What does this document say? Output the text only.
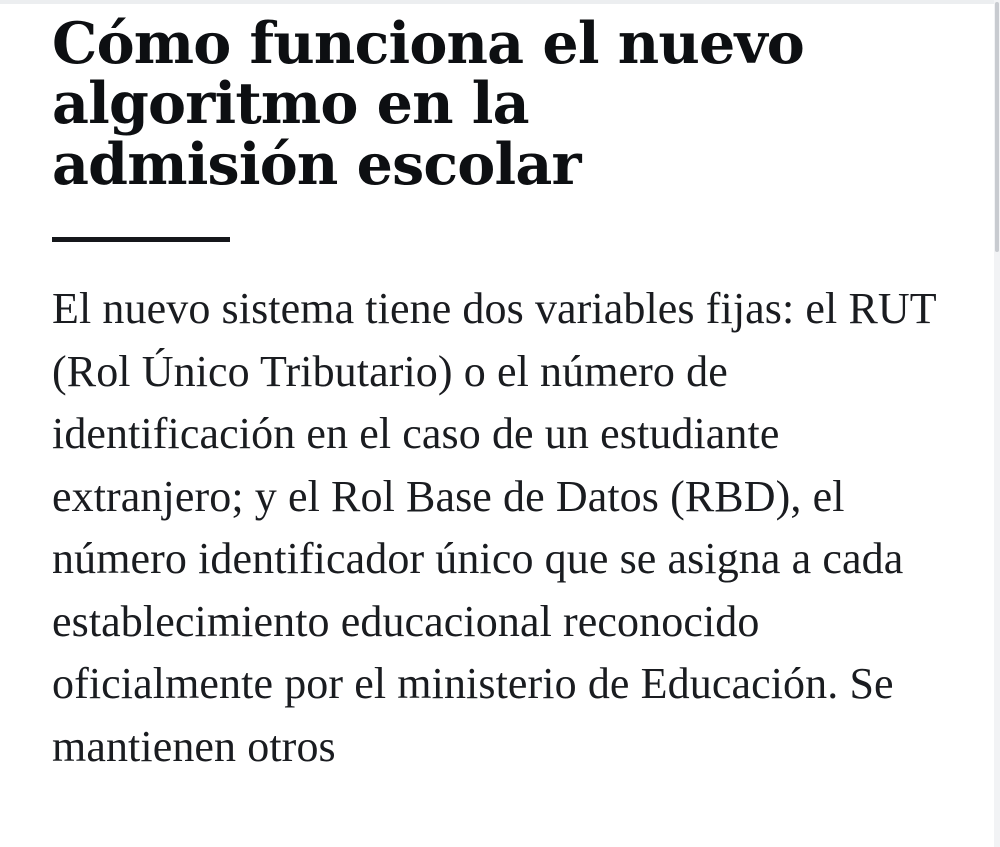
Cómo funciona el nuevo algoritmo en la admisión escolar

El nuevo sistema tiene dos variables fijas: el RUT (Rol Único Tributario) o el número de identificación en el caso de un estudiante extranjero; y el Rol Base de Datos (RBD), el número identificador único que se asigna a cada establecimiento educacional reconocido oficialmente por el ministerio de Educación. Se mantienen otros
